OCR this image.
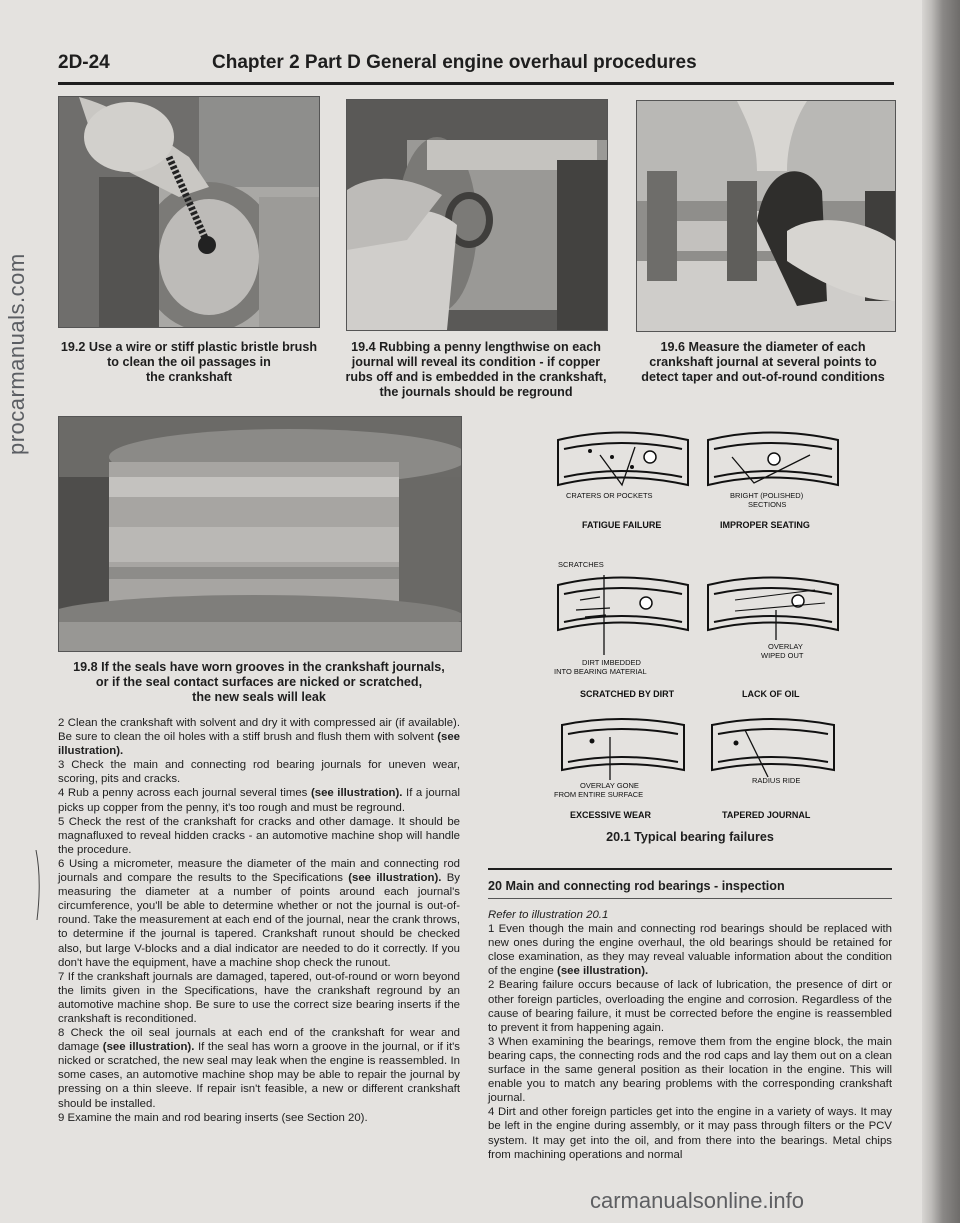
2D-24	Chapter 2 Part D General engine overhaul procedures
19.2 Use a wire or stiff plastic bristle brush
to clean the oil passages in
the crankshaft
19.4 Rubbing a penny lengthwise on each
journal will reveal its condition - if copper
rubs off and is embedded in the crankshaft,
the journals should be reground
19.6 Measure the diameter of each
crankshaft journal at several points to
detect taper and out-of-round conditions
19.8 If the seals have worn grooves in the crankshaft journals,
or if the seal contact surfaces are nicked or scratched,
the new seals will leak
CRATERS OR POCKETS	BRIGHT (POLISHED)
SECTIONS
FATIGUE FAILURE	IMPROPER SEATING
SCRATCHES
OVERLAY
WIPED OUT
DIRT IMBEDDED
INTO BEARING MATERIAL
SCRATCHED BY DIRT	LACK OF OIL
OVERLAY GONE
FROM ENTIRE SURFACE
RADIUS RIDE
EXCESSIVE WEAR	TAPERED JOURNAL
20.1 Typical bearing failures

2 Clean the crankshaft with solvent and dry it with compressed air (if available). Be sure to clean the oil holes with a stiff brush and flush them with solvent (see illustration).

3 Check the main and connecting rod bearing journals for uneven wear, scoring, pits and cracks.

4 Rub a penny across each journal several times (see illustration). If a journal picks up copper from the penny, it's too rough and must be reground.

5 Check the rest of the crankshaft for cracks and other damage. It should be magnafluxed to reveal hidden cracks - an automotive machine shop will handle the procedure.

6 Using a micrometer, measure the diameter of the main and connecting rod journals and compare the results to the Specifications (see illustration). By measuring the diameter at a number of points around each journal's circumference, you'll be able to determine whether or not the journal is out-of-round. Take the measurement at each end of the journal, near the crank throws, to determine if the journal is tapered. Crankshaft runout should be checked also, but large V-blocks and a dial indicator are needed to do it correctly. If you don't have the equipment, have a machine shop check the runout.

7 If the crankshaft journals are damaged, tapered, out-of-round or worn beyond the limits given in the Specifications, have the crankshaft reground by an automotive machine shop. Be sure to use the correct size bearing inserts if the crankshaft is reconditioned.

8 Check the oil seal journals at each end of the crankshaft for wear and damage (see illustration). If the seal has worn a groove in the journal, or if it's nicked or scratched, the new seal may leak when the engine is reassembled. In some cases, an automotive machine shop may be able to repair the journal by pressing on a thin sleeve. If repair isn't feasible, a new or different crankshaft should be installed.

9 Examine the main and rod bearing inserts (see Section 20).

20 Main and connecting rod bearings - inspection

Refer to illustration 20.1

1 Even though the main and connecting rod bearings should be replaced with new ones during the engine overhaul, the old bearings should be retained for close examination, as they may reveal valuable information about the condition of the engine (see illustration).

2 Bearing failure occurs because of lack of lubrication, the presence of dirt or other foreign particles, overloading the engine and corrosion. Regardless of the cause of bearing failure, it must be corrected before the engine is reassembled to prevent it from happening again.

3 When examining the bearings, remove them from the engine block, the main bearing caps, the connecting rods and the rod caps and lay them out on a clean surface in the same general position as their location in the engine. This will enable you to match any bearing problems with the corresponding crankshaft journal.

4 Dirt and other foreign particles get into the engine in a variety of ways. It may be left in the engine during assembly, or it may pass through filters or the PCV system. It may get into the oil, and from there into the bearings. Metal chips from machining operations and normal

procarmanuals.com
carmanualsonline.info
